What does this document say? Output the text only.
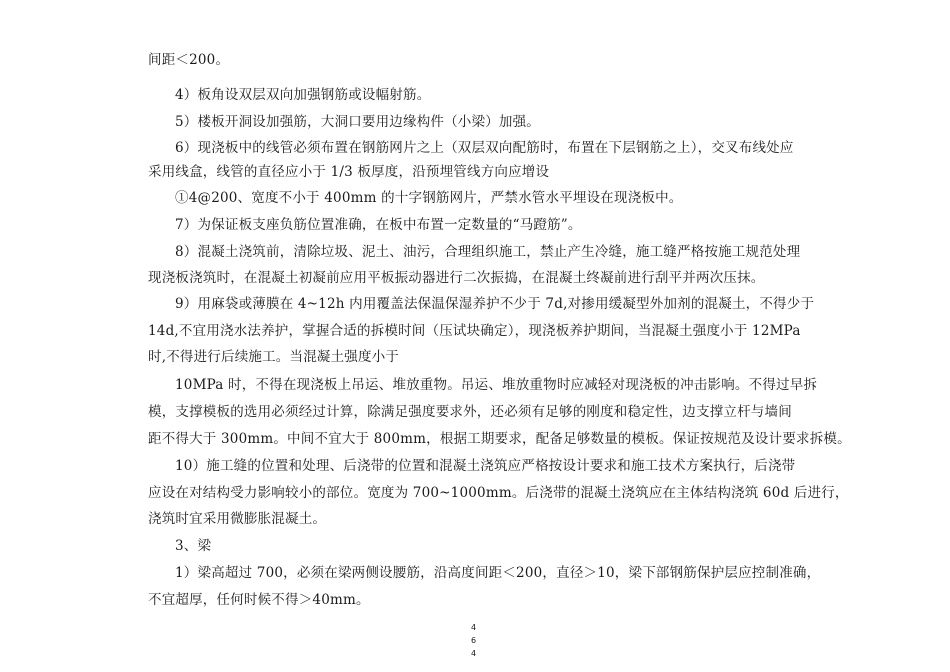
间距＜200。
4）板角设双层双向加强钢筋或设幅射筋。
5）楼板开洞设加强筋，大洞口要用边缘构件（小梁）加强。
6）现浇板中的线管必须布置在钢筋网片之上（双层双向配筋时，布置在下层钢筋之上），交叉布线处应
采用线盒，线管的直径应小于 1/3 板厚度，沿预埋管线方向应增设
①4@200、宽度不小于 400mm 的十字钢筋网片，严禁水管水平埋设在现浇板中。
7）为保证板支座负筋位置准确，在板中布置一定数量的“马蹬筋”。
8）混凝土浇筑前，清除垃圾、泥土、油污，合理组织施工，禁止产生冷缝，施工缝严格按施工规范处理
现浇板浇筑时，在混凝土初凝前应用平板振动器进行二次振捣，在混凝土终凝前进行刮平并两次压抹。
9）用麻袋或薄膜在 4~12h 内用覆盖法保温保湿养护不少于 7d,对掺用缓凝型外加剂的混凝土，不得少于
14d,不宜用浇水法养护，掌握合适的拆模时间（压试块确定），现浇板养护期间，当混凝土强度小于 12MPa
时,不得进行后续施工。当混凝土强度小于
10MPa 时，不得在现浇板上吊运、堆放重物。吊运、堆放重物时应减轻对现浇板的冲击影响。不得过早拆
模，支撑模板的选用必须经过计算，除满足强度要求外，还必须有足够的刚度和稳定性，边支撑立杆与墙间
距不得大于 300mm。中间不宜大于 800mm，根据工期要求，配备足够数量的模板。保证按规范及设计要求拆模。
10）施工缝的位置和处理、后浇带的位置和混凝土浇筑应严格按设计要求和施工技术方案执行，后浇带
应设在对结构受力影响较小的部位。宽度为 700~1000mm。后浇带的混凝土浇筑应在主体结构浇筑 60d 后进行，
浇筑时宜采用微膨胀混凝土。
3、梁
1）梁高超过 700，必须在梁两侧设腰筋，沿高度间距＜200，直径＞10，梁下部钢筋保护层应控制准确，
不宜超厚，任何时候不得＞40mm。
4
6
4
